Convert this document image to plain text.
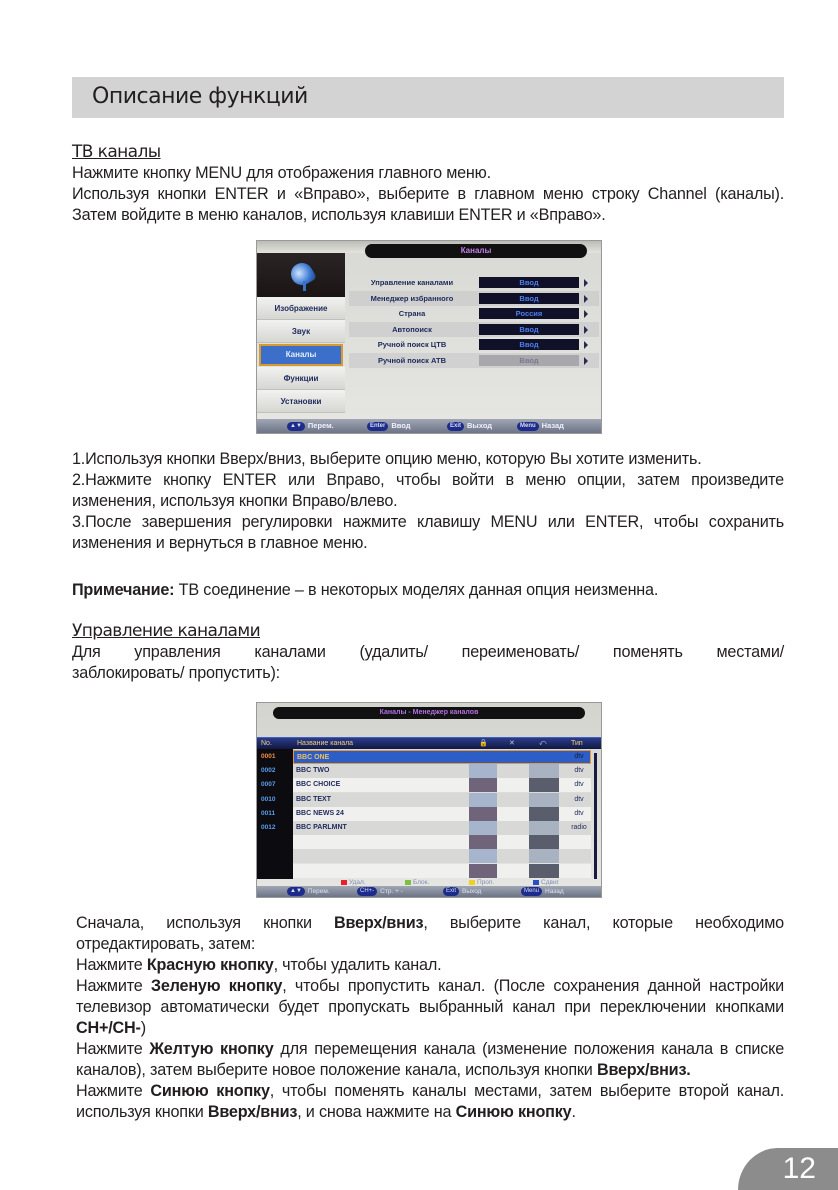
Описание функций

ТВ каналы

Нажмите кнопку MENU для отображения главного меню.

Используя кнопки ENTER и «Вправо», выберите в главном меню строку Channel (каналы). Затем войдите в меню каналов, используя клавиши ENTER и «Вправо».

Каналы
Изображение
Звук
Каналы
Функции
Установки
Управление каналами	Ввод
Менеджер избранного	Ввод
Страна	Россия
Автопоиск	Ввод
Ручной поиск ЦТВ	Ввод
Ручной поиск АТВ	Ввод
▲▼ Перем.	Enter Ввод	Exit Выход	Menu Назад

1.Используя кнопки Вверх/вниз, выберите опцию меню, которую Вы хотите изменить.

2.Нажмите кнопку ENTER или Вправо, чтобы войти в меню опции, затем произведите изменения, используя кнопки Вправо/влево.

3.После завершения регулировки нажмите клавишу MENU или ENTER, чтобы сохранить изменения и вернуться в главное меню.

Примечание: ТВ соединение – в некоторых моделях данная опция неизменна.

Управление каналами

Для управления каналами (удалить/ переименовать/ поменять местами/

заблокировать/ пропустить):

Каналы - Менеджер каналов
No.	Название канала	🔒	✕	⤺	Тип
0001	BBC ONE	dtv
0002	BBC TWO	dtv
0007	BBC CHOICE	dtv
0010	BBC TEXT	dtv
0011	BBC NEWS 24	dtv
0012	BBC PARLMNT	radio
Удал.	Блок.	Проп.	Сдвиг
▲▼ Перем.	CH+- Стр. + -	Exit Выход	Menu Назад

Сначала, используя кнопки Вверх/вниз, выберите канал, которые необходимо отредактировать, затем:

Нажмите Красную кнопку, чтобы удалить канал.

Нажмите Зеленую кнопку, чтобы пропустить канал. (После сохранения данной настройки телевизор автоматически будет пропускать выбранный канал при переключении кнопками CH+/CH-)

Нажмите Желтую кнопку для перемещения канала (изменение положения канала в списке каналов), затем выберите новое положение канала, используя кнопки Вверх/вниз.

Нажмите Синюю кнопку, чтобы поменять каналы местами, затем выберите второй канал. используя кнопки Вверх/вниз, и снова нажмите на Синюю кнопку.

12
